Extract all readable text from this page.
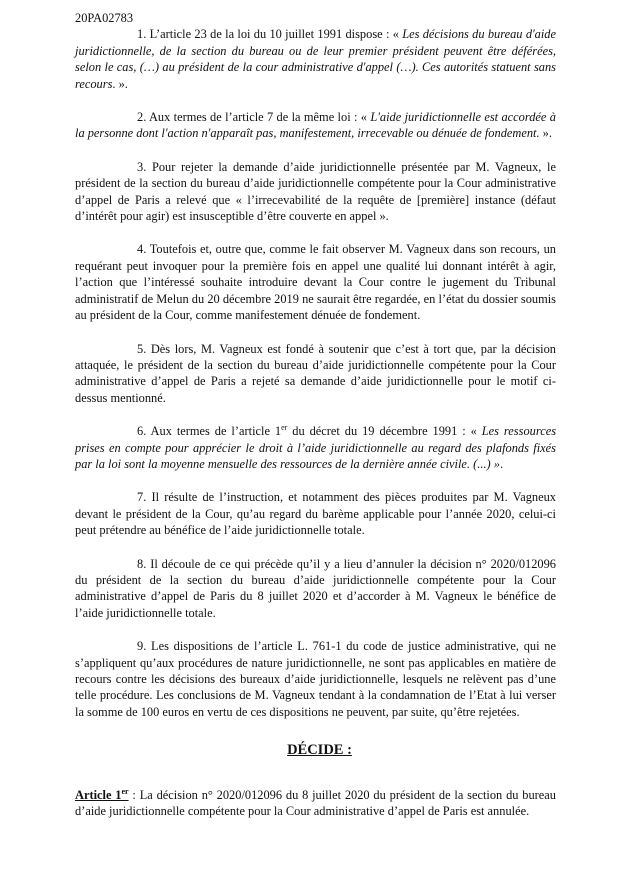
20PA02783

1. L’article 23 de la loi du 10 juillet 1991 dispose : « Les décisions du bureau d'aide juridictionnelle, de la section du bureau ou de leur premier président peuvent être déférées, selon le cas, (…) au président de la cour administrative d'appel (…). Ces autorités statuent sans recours. ».

2. Aux termes de l’article 7 de la même loi : « L'aide juridictionnelle est accordée à la personne dont l'action n'apparaît pas, manifestement, irrecevable ou dénuée de fondement. ».

3. Pour rejeter la demande d’aide juridictionnelle présentée par M. Vagneux, le président de la section du bureau d’aide juridictionnelle compétente pour la Cour administrative d’appel de Paris a relevé que « l’irrecevabilité de la requête de [première] instance (défaut d’intérêt pour agir) est insusceptible d’être couverte en appel ».

4. Toutefois et, outre que, comme le fait observer M. Vagneux dans son recours, un requérant peut invoquer pour la première fois en appel une qualité lui donnant intérêt à agir, l’action que l’intéressé souhaite introduire devant la Cour contre le jugement du Tribunal administratif de Melun du 20 décembre 2019 ne saurait être regardée, en l’état du dossier soumis au président de la Cour, comme manifestement dénuée de fondement.

5. Dès lors, M. Vagneux est fondé à soutenir que c’est à tort que, par la décision attaquée, le président de la section du bureau d’aide juridictionnelle compétente pour la Cour administrative d’appel de Paris a rejeté sa demande d’aide juridictionnelle pour le motif ci-dessus mentionné.

6. Aux termes de l’article 1er du décret du 19 décembre 1991 : « Les ressources prises en compte pour apprécier le droit à l’aide juridictionnelle au regard des plafonds fixés par la loi sont la moyenne mensuelle des ressources de la dernière année civile. (...) ».

7. Il résulte de l’instruction, et notamment des pièces produites par M. Vagneux devant le président de la Cour, qu’au regard du barème applicable pour l’année 2020, celui-ci peut prétendre au bénéfice de l’aide juridictionnelle totale.

8. Il découle de ce qui précède qu’il y a lieu d’annuler la décision n° 2020/012096 du président de la section du bureau d’aide juridictionnelle compétente pour la Cour administrative d’appel de Paris du 8 juillet 2020 et d’accorder à M. Vagneux le bénéfice de l’aide juridictionnelle totale.

9. Les dispositions de l’article L. 761-1 du code de justice administrative, qui ne s’appliquent qu’aux procédures de nature juridictionnelle, ne sont pas applicables en matière de recours contre les décisions des bureaux d’aide juridictionnelle, lesquels ne relèvent pas d’une telle procédure. Les conclusions de M. Vagneux tendant à la condamnation de l’Etat à lui verser la somme de 100 euros en vertu de ces dispositions ne peuvent, par suite, qu’être rejetées.

DÉCIDE :

Article 1er : La décision n° 2020/012096 du 8 juillet 2020 du président de la section du bureau d’aide juridictionnelle compétente pour la Cour administrative d’appel de Paris est annulée.
